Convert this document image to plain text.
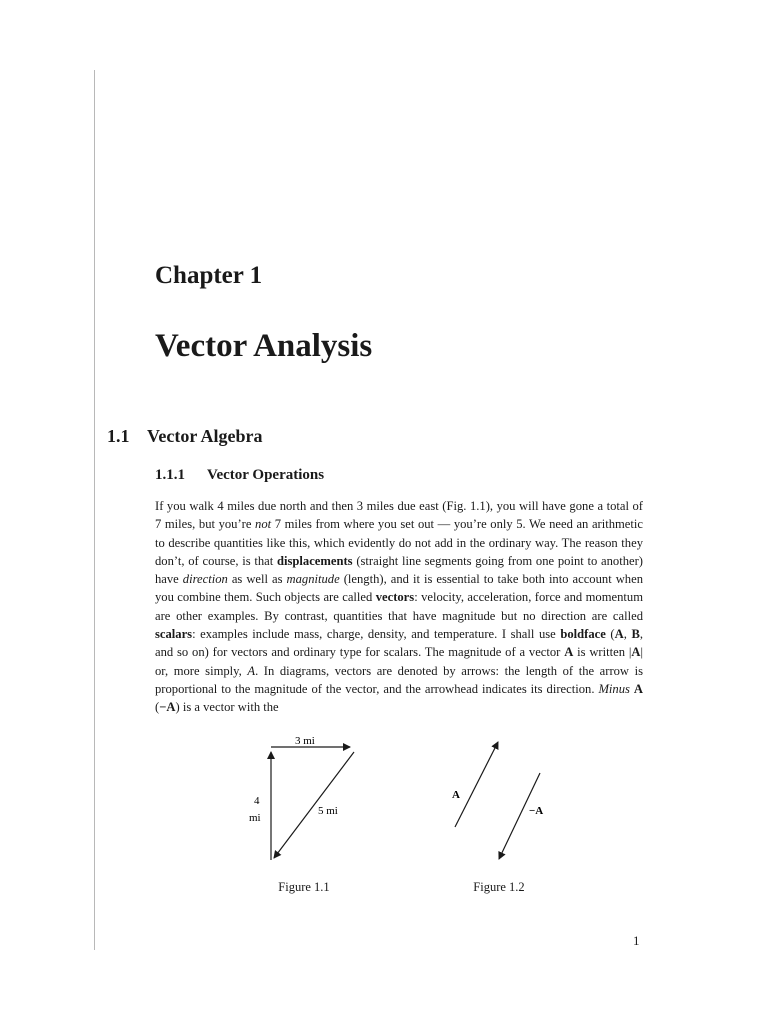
Chapter 1
Vector Analysis
1.1 Vector Algebra
1.1.1 Vector Operations

If you walk 4 miles due north and then 3 miles due east (Fig. 1.1), you will have gone a total of 7 miles, but you’re not 7 miles from where you set out — you’re only 5. We need an arithmetic to describe quantities like this, which evidently do not add in the ordinary way. The reason they don’t, of course, is that displacements (straight line segments going from one point to another) have direction as well as magnitude (length), and it is essential to take both into account when you combine them. Such objects are called vectors: velocity, acceleration, force and momentum are other examples. By contrast, quantities that have magnitude but no direction are called scalars: examples include mass, charge, density, and temperature. I shall use boldface (A, B, and so on) for vectors and ordinary type for scalars. The magnitude of a vector A is written |A| or, more simply, A. In diagrams, vectors are denoted by arrows: the length of the arrow is proportional to the magnitude of the vector, and the arrowhead indicates its direction. Minus A (−A) is a vector with the

3 mi
4
mi
5 mi
Figure 1.1
A
−A
Figure 1.2
1
